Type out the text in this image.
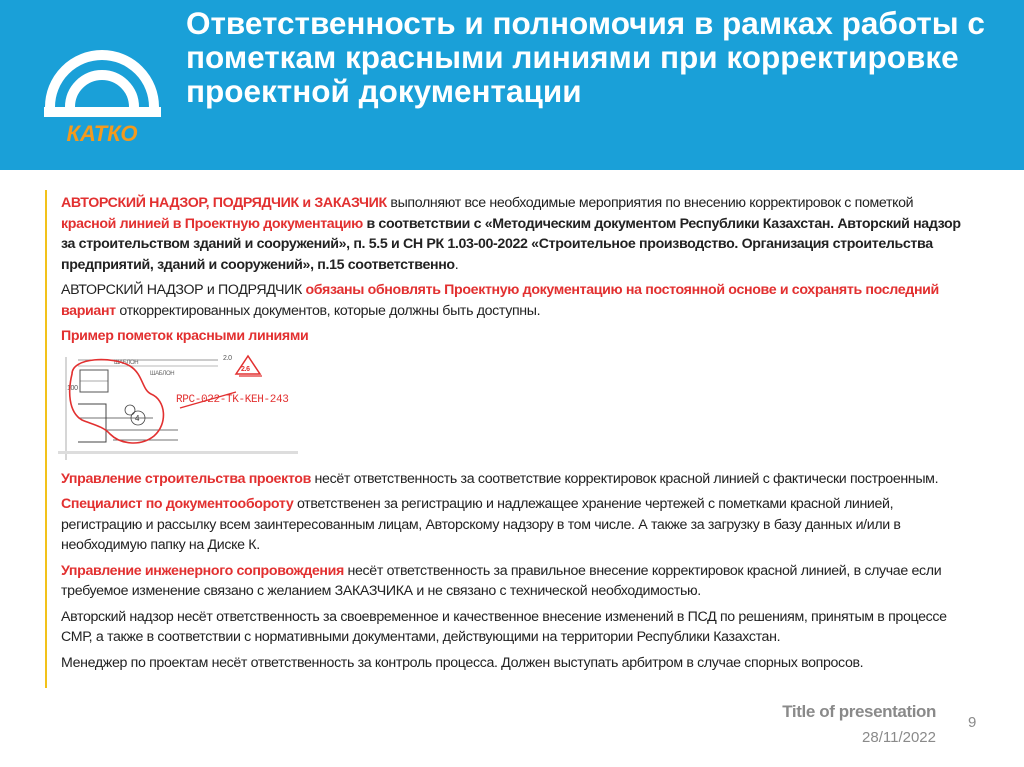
КАТКО
Ответственность и полномочия в рамках работы с пометкам красными линиями при корректировке проектной документации

АВТОРСКИЙ НАДЗОР, ПОДРЯДЧИК и ЗАКАЗЧИК выполняют все необходимые мероприятия по внесению корректировок с пометкой красной линией в Проектную документацию в соответствии с «Методическим документом Республики Казахстан. Авторский надзор за строительством зданий и сооружений», п. 5.5 и СН РК 1.03-00-2022 «Строительное производство. Организация строительства предприятий, зданий и сооружений», п.15 соответственно.

АВТОРСКИЙ НАДЗОР и ПОДРЯДЧИК обязаны обновлять Проектную документацию на постоянной основе и сохранять последний вариант откорректированных документов, которые должны быть доступны.

Пример пометок красными линиями

ШАБЛОН
ШАБЛОН
100
2.0
4
2.6
RPC-022-TK-KEH-243

Управление строительства проектов несёт ответственность за соответствие корректировок красной линией с фактически построенным.

Специалист по документообороту ответственен за регистрацию и надлежащее хранение чертежей с пометками красной линией, регистрацию и рассылку всем заинтересованным лицам, Авторскому надзору в том числе. А также за загрузку в базу данных и/или в необходимую папку на Диске К.

Управление инженерного сопровождения несёт ответственность за правильное внесение корректировок красной линией, в случае если требуемое изменение связано с желанием ЗАКАЗЧИКА и не связано с технической необходимостью.

Авторский надзор несёт ответственность за своевременное и качественное внесение изменений в ПСД по решениям, принятым в процессе СМР, а также в соответствии с нормативными документами, действующими на территории Республики Казахстан.

Менеджер по проектам несёт ответственность за контроль процесса. Должен выступать арбитром в случае спорных вопросов.

Title of presentation
28/11/2022
9
